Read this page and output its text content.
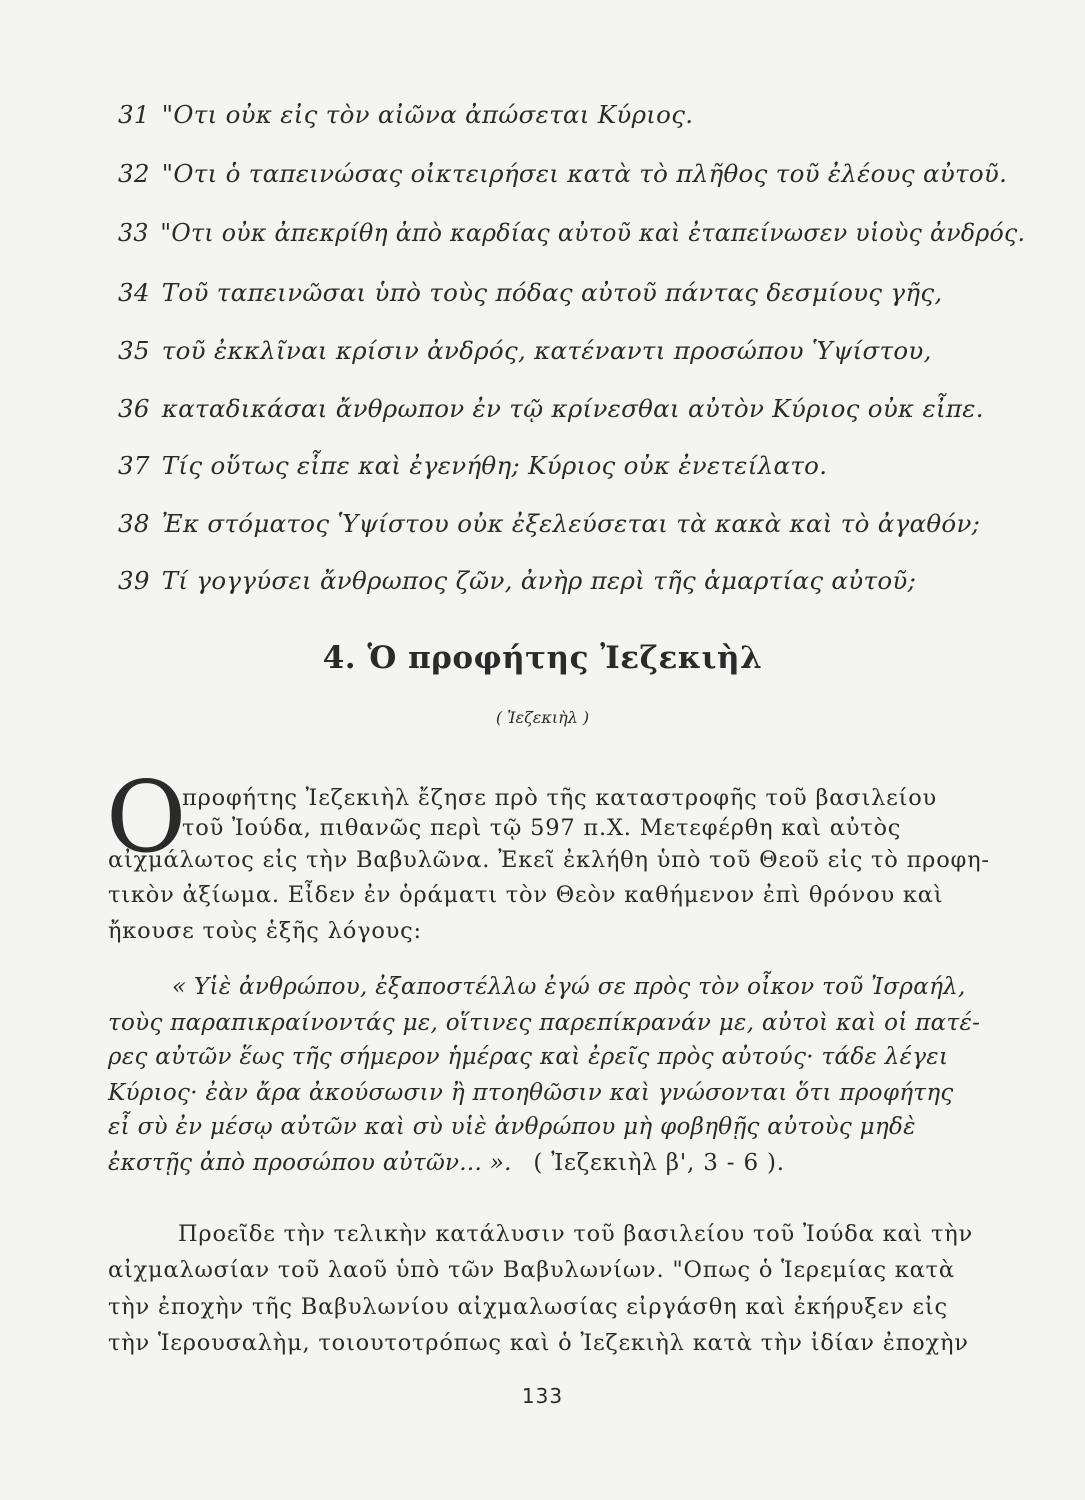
31 "Οτι οὐκ εἰς τὸν αἰῶνα ἀπώσεται Κύριος.
32 "Οτι ὁ ταπεινώσας οἰκτειρήσει κατὰ τὸ πλῆθος τοῦ ἐλέους αὐτοῦ.
33 "Οτι οὐκ ἀπεκρίθη ἀπὸ καρδίας αὐτοῦ καὶ ἐταπείνωσεν υἱοὺς ἀνδρός.
34 Τοῦ ταπεινῶσαι ὑπὸ τοὺς πόδας αὐτοῦ πάντας δεσμίους γῆς,
35 τοῦ ἐκκλῖναι κρίσιν ἀνδρός, κατέναντι προσώπου Ὑψίστου,
36 καταδικάσαι ἄνθρωπον ἐν τῷ κρίνεσθαι αὐτὸν Κύριος οὐκ εἶπε.
37 Τίς οὕτως εἶπε καὶ ἐγενήθη; Κύριος οὐκ ἐνετείλατο.
38 Ἐκ στόματος Ὑψίστου οὐκ ἐξελεύσεται τὰ κακὰ καὶ τὸ ἀγαθόν;
39 Τί γογγύσει ἄνθρωπος ζῶν, ἀνὴρ περὶ τῆς ἁμαρτίας αὐτοῦ;
4. Ὁ προφήτης Ἰεζεκιὴλ
( Ἰεζεκιὴλ )
Ο
προφήτης Ἰεζεκιὴλ ἔζησε πρὸ τῆς καταστροφῆς τοῦ βασιλείου
τοῦ Ἰούδα, πιθανῶς περὶ τῷ 597 π.Χ. Μετεφέρθη καὶ αὐτὸς
αἰχμάλωτος εἰς τὴν Βαβυλῶνα. Ἐκεῖ ἐκλήθη ὑπὸ τοῦ Θεοῦ εἰς τὸ προφη-
τικὸν ἀξίωμα. Εἶδεν ἐν ὁράματι τὸν Θεὸν καθήμενον ἐπὶ θρόνου καὶ
ἤκουσε τοὺς ἑξῆς λόγους:
« Υἱὲ ἀνθρώπου, ἐξαποστέλλω ἐγώ σε πρὸς τὸν οἶκον τοῦ Ἰσραήλ,
τοὺς παραπικραίνοντάς με, οἵτινες παρεπίκρανάν με, αὐτοὶ καὶ οἱ πατέ-
ρες αὐτῶν ἕως τῆς σήμερον ἡμέρας καὶ ἐρεῖς πρὸς αὐτούς· τάδε λέγει
Κύριος· ἐὰν ἄρα ἀκούσωσιν ἢ πτοηθῶσιν καὶ γνώσονται ὅτι προφήτης
εἶ σὺ ἐν μέσῳ αὐτῶν καὶ σὺ υἱὲ ἀνθρώπου μὴ φοβηθῇς αὐτοὺς μηδὲ
ἐκστῇς ἀπὸ προσώπου αὐτῶν... ». ( Ἰεζεκιὴλ β', 3 - 6 ).
Προεῖδε τὴν τελικὴν κατάλυσιν τοῦ βασιλείου τοῦ Ἰούδα καὶ τὴν
αἰχμαλωσίαν τοῦ λαοῦ ὑπὸ τῶν Βαβυλωνίων. "Οπως ὁ Ἱερεμίας κατὰ
τὴν ἐποχὴν τῆς Βαβυλωνίου αἰχμαλωσίας εἰργάσθη καὶ ἐκήρυξεν εἰς
τὴν Ἱερουσαλὴμ, τοιουτοτρόπως καὶ ὁ Ἰεζεκιὴλ κατὰ τὴν ἰδίαν ἐποχὴν
133
